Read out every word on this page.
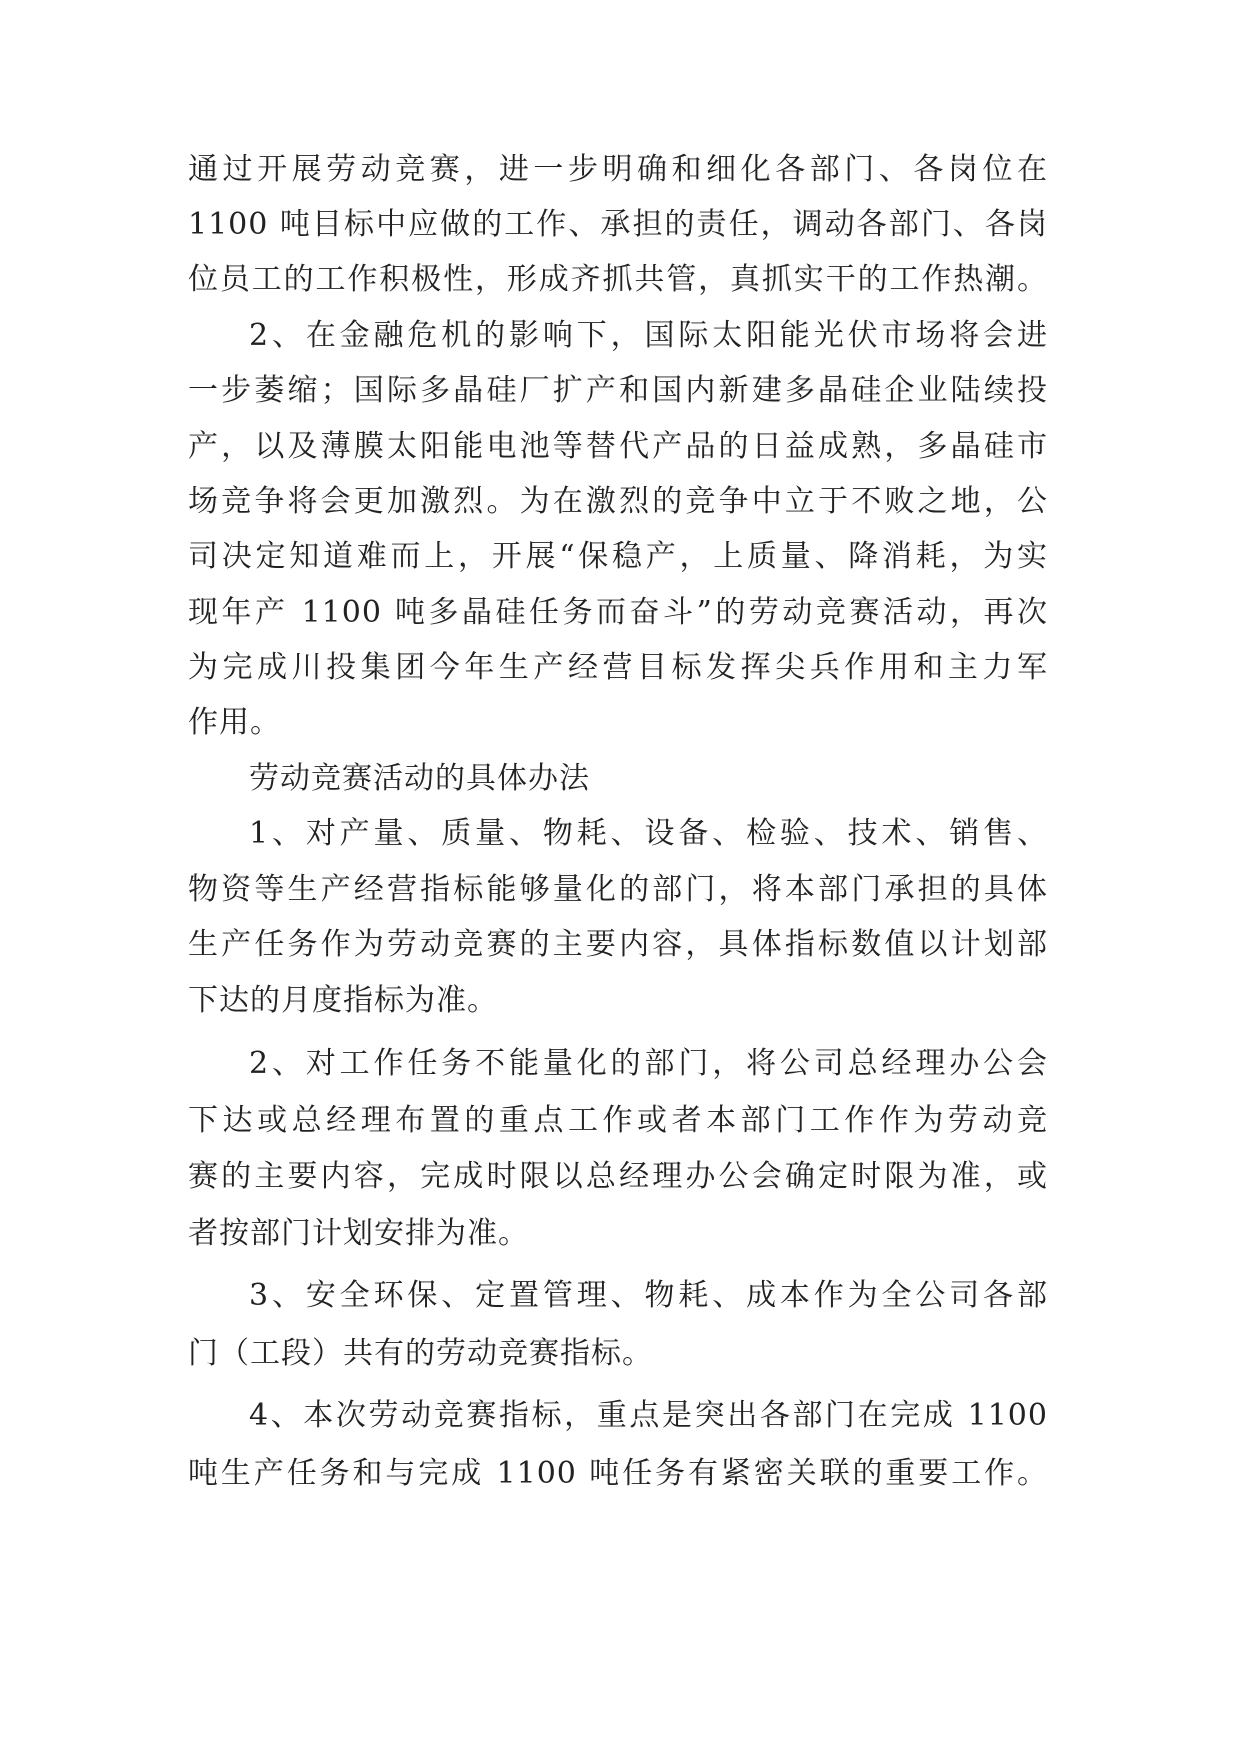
通过开展劳动竞赛，进一步明确和细化各部门、各岗位在
1100 吨目标中应做的工作、承担的责任，调动各部门、各岗
位员工的工作积极性，形成齐抓共管，真抓实干的工作热潮。
2、在金融危机的影响下，国际太阳能光伏市场将会进
一步萎缩；国际多晶硅厂扩产和国内新建多晶硅企业陆续投
产，以及薄膜太阳能电池等替代产品的日益成熟，多晶硅市
场竞争将会更加激烈。为在激烈的竞争中立于不败之地，公
司决定知道难而上，开展“保稳产，上质量、降消耗，为实
现年产 1100 吨多晶硅任务而奋斗”的劳动竞赛活动，再次
为完成川投集团今年生产经营目标发挥尖兵作用和主力军
作用。
劳动竞赛活动的具体办法
1、对产量、质量、物耗、设备、检验、技术、销售、
物资等生产经营指标能够量化的部门，将本部门承担的具体
生产任务作为劳动竞赛的主要内容，具体指标数值以计划部
下达的月度指标为准。
2、对工作任务不能量化的部门，将公司总经理办公会
下达或总经理布置的重点工作或者本部门工作作为劳动竞
赛的主要内容，完成时限以总经理办公会确定时限为准，或
者按部门计划安排为准。
3、安全环保、定置管理、物耗、成本作为全公司各部
门（工段）共有的劳动竞赛指标。
4、本次劳动竞赛指标，重点是突出各部门在完成 1100
吨生产任务和与完成 1100 吨任务有紧密关联的重要工作。
